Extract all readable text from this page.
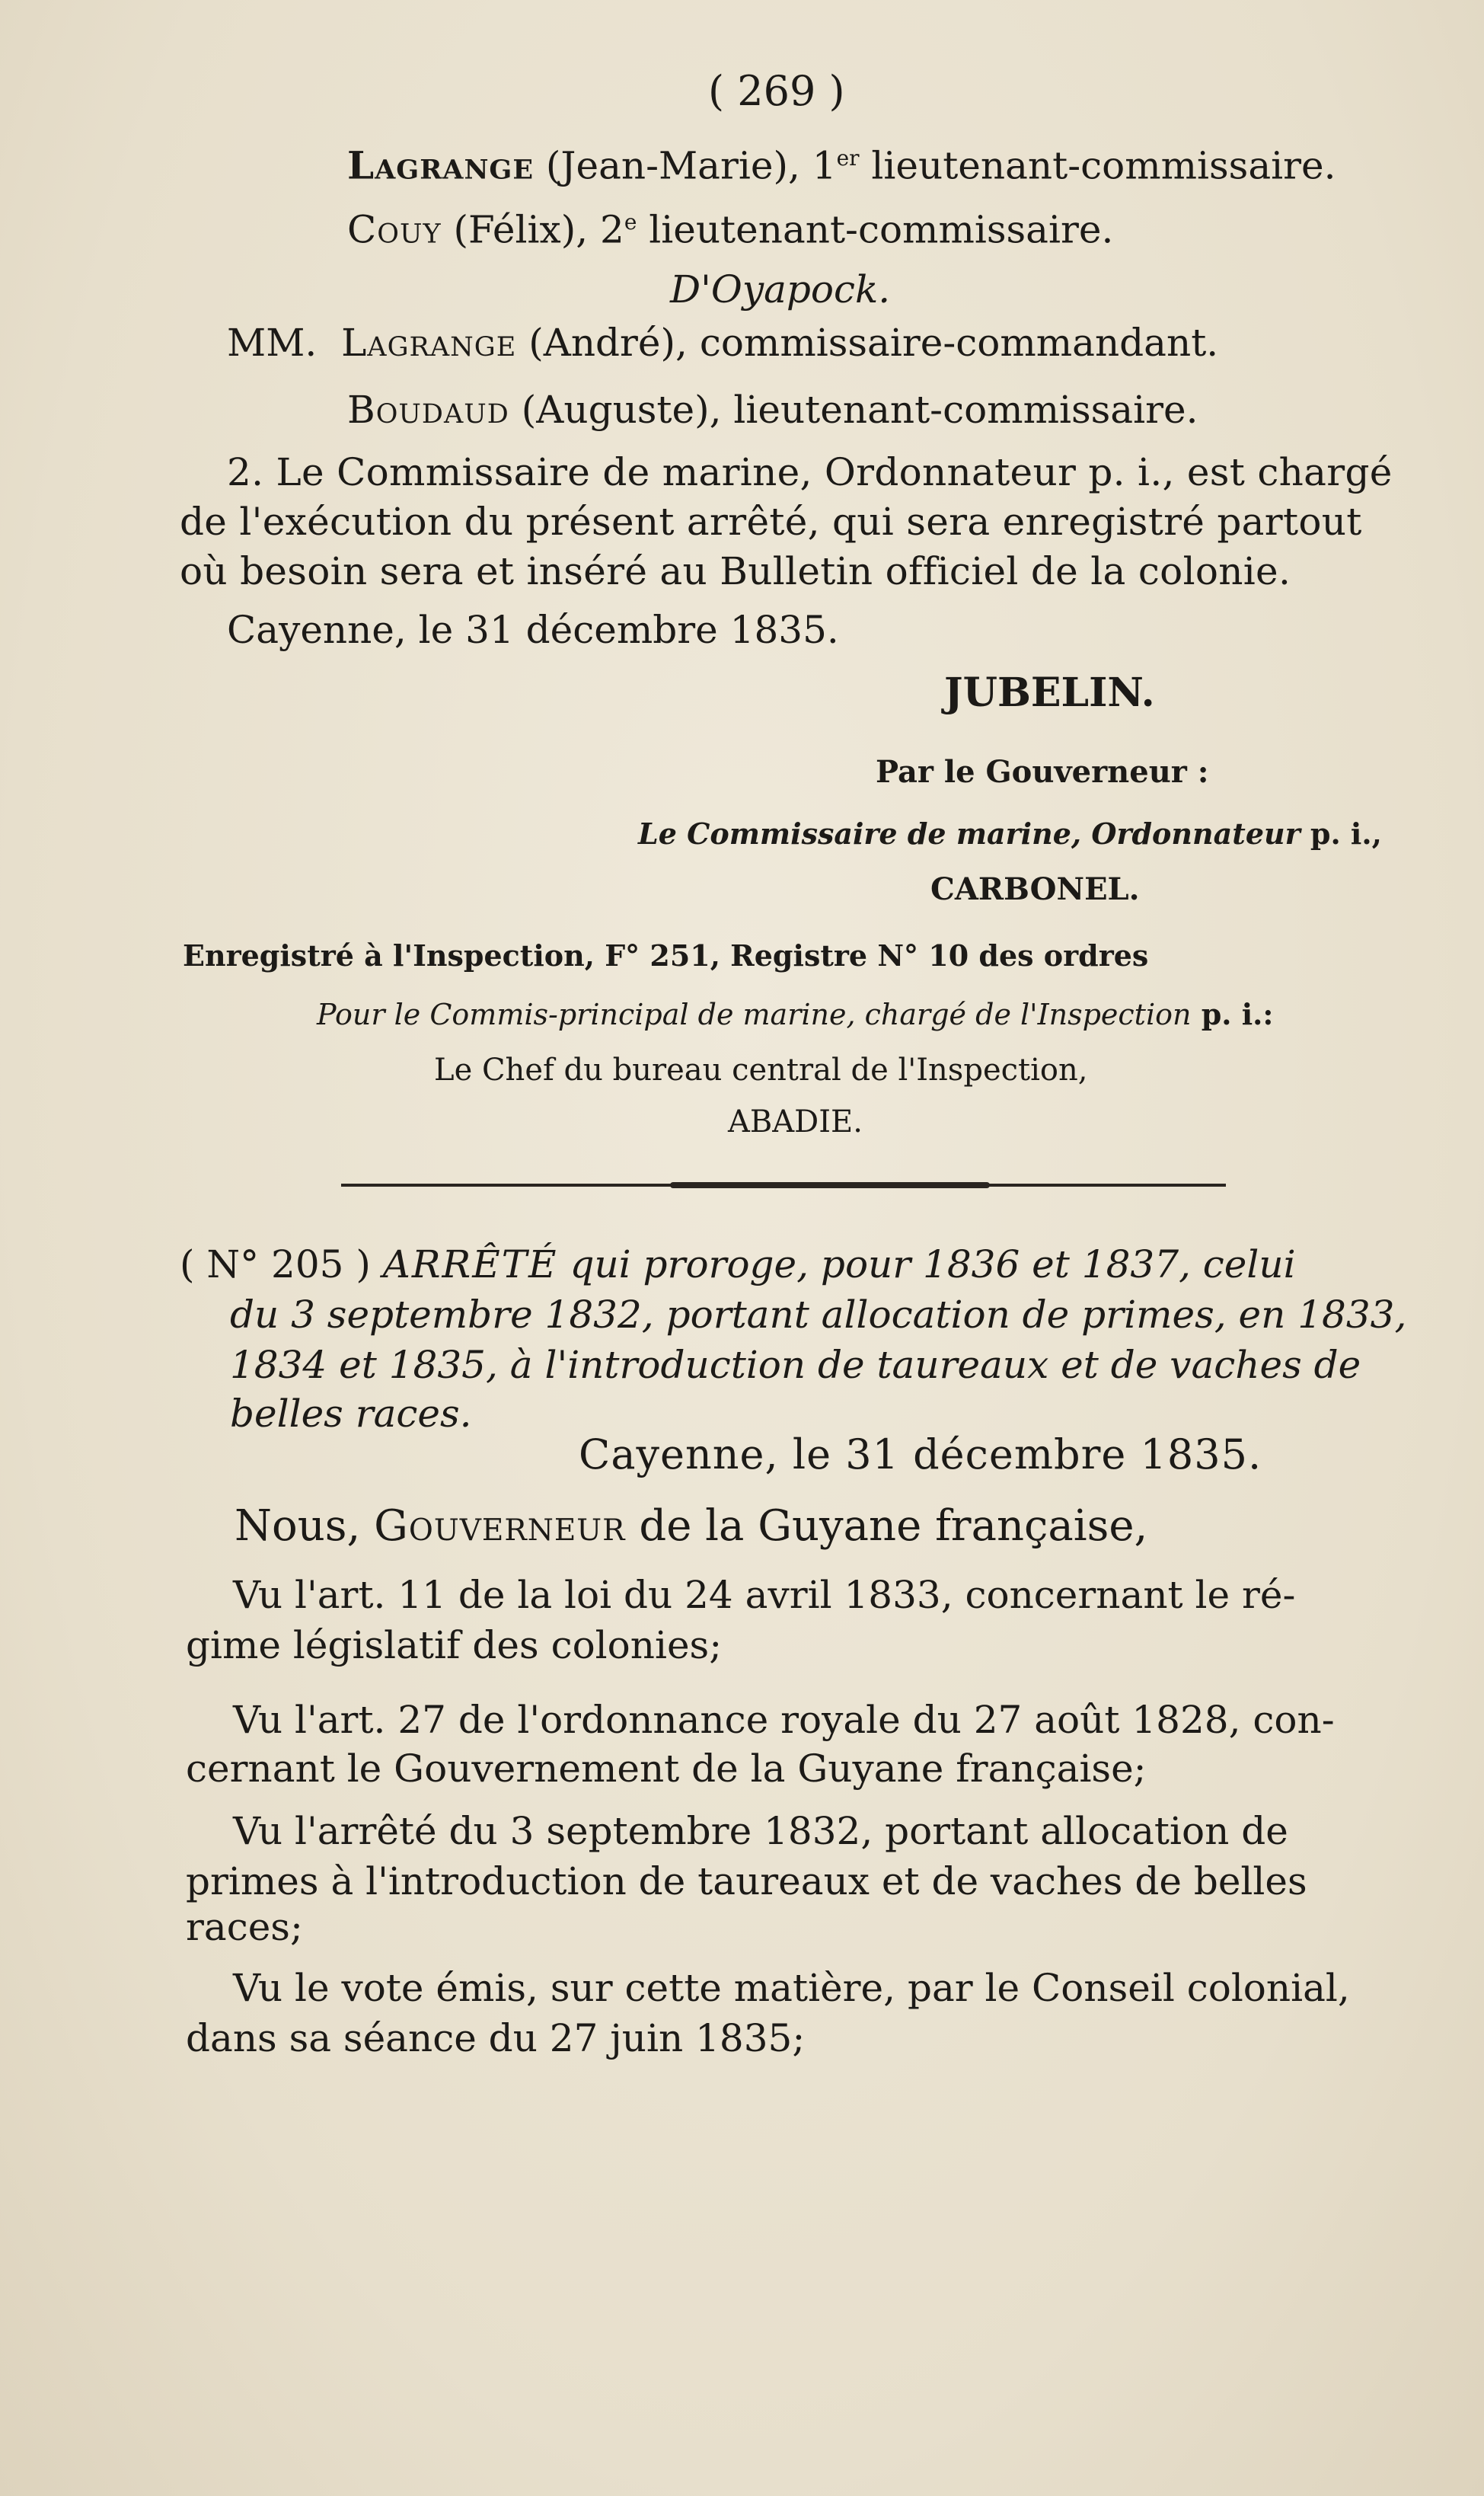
( 269 )
Lagrange (Jean-Marie), 1er lieutenant-commissaire.
Couy (Félix), 2e lieutenant-commissaire.
D'Oyapock.
MM. Lagrange (André), commissaire-commandant.
Boudaud (Auguste), lieutenant-commissaire.
2. Le Commissaire de marine, Ordonnateur p. i., est chargé
de l'exécution du présent arrêté, qui sera enregistré partout
où besoin sera et inséré au Bulletin officiel de la colonie.
Cayenne, le 31 décembre 1835.
JUBELIN.
Par le Gouverneur :
Le Commissaire de marine, Ordonnateur p. i.,
CARBONEL.
Enregistré à l'Inspection, F° 251, Registre N° 10 des ordres
Pour le Commis-principal de marine, chargé de l'Inspection p. i.:
Le Chef du bureau central de l'Inspection,
ABADIE.
( N° 205 ) ARRÊTÉ qui proroge, pour 1836 et 1837, celui
du 3 septembre 1832, portant allocation de primes, en 1833,
1834 et 1835, à l'introduction de taureaux et de vaches de
belles races.
Cayenne, le 31 décembre 1835.
Nous, Gouverneur de la Guyane française,
Vu l'art. 11 de la loi du 24 avril 1833, concernant le ré-
gime législatif des colonies;
Vu l'art. 27 de l'ordonnance royale du 27 août 1828, con-
cernant le Gouvernement de la Guyane française;
Vu l'arrêté du 3 septembre 1832, portant allocation de
primes à l'introduction de taureaux et de vaches de belles
races;
Vu le vote émis, sur cette matière, par le Conseil colonial,
dans sa séance du 27 juin 1835;
